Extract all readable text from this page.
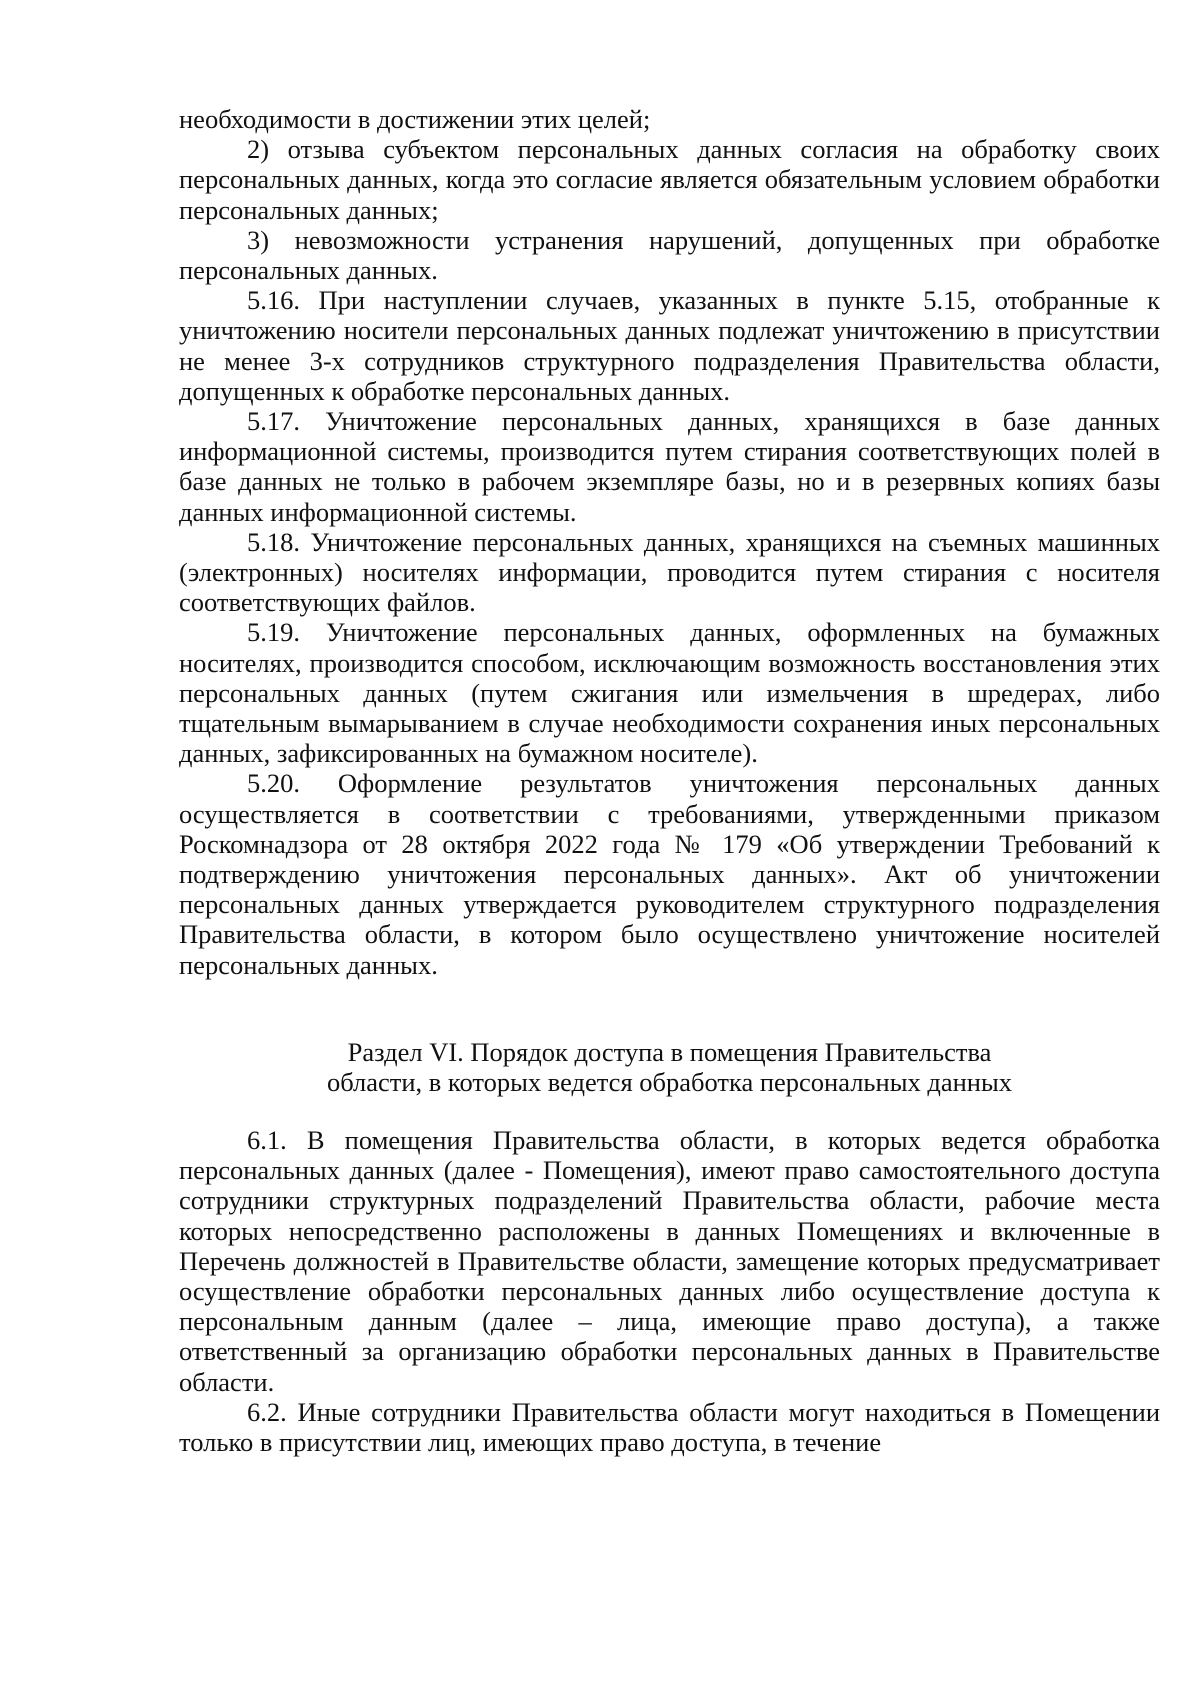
необходимости в достижении этих целей;

2) отзыва субъектом персональных данных согласия на обработку своих персональных данных, когда это согласие является обязательным условием обработки персональных данных;

3) невозможности устранения нарушений, допущенных при обработке персональных данных.

5.16. При наступлении случаев, указанных в пункте 5.15, отобранные к уничтожению носители персональных данных подлежат уничтожению в присутствии не менее 3-х сотрудников структурного подразделения Правительства области, допущенных к обработке персональных данных.

5.17. Уничтожение персональных данных, хранящихся в базе данных информационной системы, производится путем стирания соответствующих полей в базе данных не только в рабочем экземпляре базы, но и в резервных копиях базы данных информационной системы.

5.18. Уничтожение персональных данных, хранящихся на съемных машинных (электронных) носителях информации, проводится путем стирания с носителя соответствующих файлов.

5.19. Уничтожение персональных данных, оформленных на бумажных носителях, производится способом, исключающим возможность восстановления этих персональных данных (путем сжигания или измельчения в шредерах, либо тщательным вымарыванием в случае необходимости сохранения иных персональных данных, зафиксированных на бумажном носителе).

5.20. Оформление результатов уничтожения персональных данных осуществляется в соответствии с требованиями, утвержденными приказом Роскомнадзора от 28 октября 2022 года № 179 «Об утверждении Требований к подтверждению уничтожения персональных данных». Акт об уничтожении персональных данных утверждается руководителем структурного подразделения Правительства области, в котором было осуществлено уничтожение носителей персональных данных.

Раздел VI. Порядок доступа в помещения Правительства
области, в которых ведется обработка персональных данных

6.1. В помещения Правительства области, в которых ведется обработка персональных данных (далее - Помещения), имеют право самостоятельного доступа сотрудники структурных подразделений Правительства области, рабочие места которых непосредственно расположены в данных Помещениях и включенные в Перечень должностей в Правительстве области, замещение которых предусматривает осуществление обработки персональных данных либо осуществление доступа к персональным данным (далее – лица, имеющие право доступа), а также ответственный за организацию обработки персональных данных в Правительстве области.

6.2. Иные сотрудники Правительства области могут находиться в Помещении только в присутствии лиц, имеющих право доступа, в течение
